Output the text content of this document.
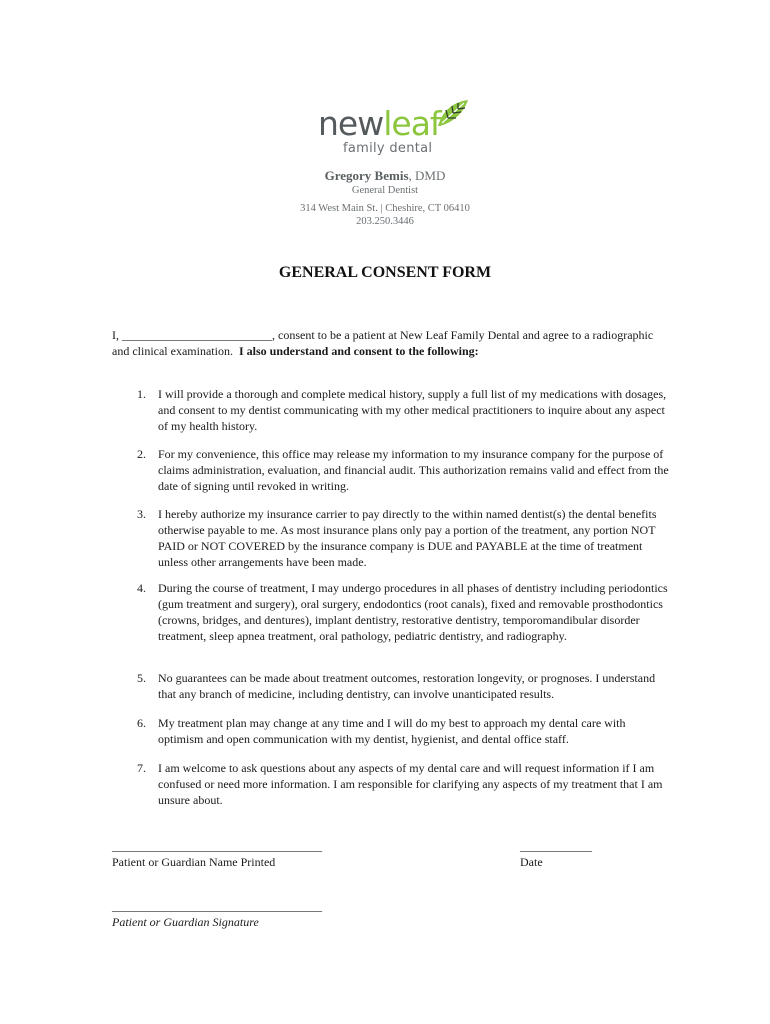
newleaf
family dental
Gregory Bemis, DMD
General Dentist
314 West Main St. | Cheshire, CT 06410
203.250.3446
GENERAL CONSENT FORM
I, _________________________, consent to be a patient at New Leaf Family Dental and agree to a radiographic and clinical examination. I also understand and consent to the following:
1. I will provide a thorough and complete medical history, supply a full list of my medications with dosages, and consent to my dentist communicating with my other medical practitioners to inquire about any aspect of my health history.
2. For my convenience, this office may release my information to my insurance company for the purpose of claims administration, evaluation, and financial audit. This authorization remains valid and effect from the date of signing until revoked in writing.
3. I hereby authorize my insurance carrier to pay directly to the within named dentist(s) the dental benefits otherwise payable to me. As most insurance plans only pay a portion of the treatment, any portion NOT PAID or NOT COVERED by the insurance company is DUE and PAYABLE at the time of treatment unless other arrangements have been made.
4. During the course of treatment, I may undergo procedures in all phases of dentistry including periodontics (gum treatment and surgery), oral surgery, endodontics (root canals), fixed and removable prosthodontics (crowns, bridges, and dentures), implant dentistry, restorative dentistry, temporomandibular disorder treatment, sleep apnea treatment, oral pathology, pediatric dentistry, and radiography.
5. No guarantees can be made about treatment outcomes, restoration longevity, or prognoses. I understand that any branch of medicine, including dentistry, can involve unanticipated results.
6. My treatment plan may change at any time and I will do my best to approach my dental care with optimism and open communication with my dentist, hygienist, and dental office staff.
7. I am welcome to ask questions about any aspects of my dental care and will request information if I am confused or need more information. I am responsible for clarifying any aspects of my treatment that I am unsure about.
___________________________________
Patient or Guardian Name Printed
____________
Date
___________________________________
Patient or Guardian Signature
